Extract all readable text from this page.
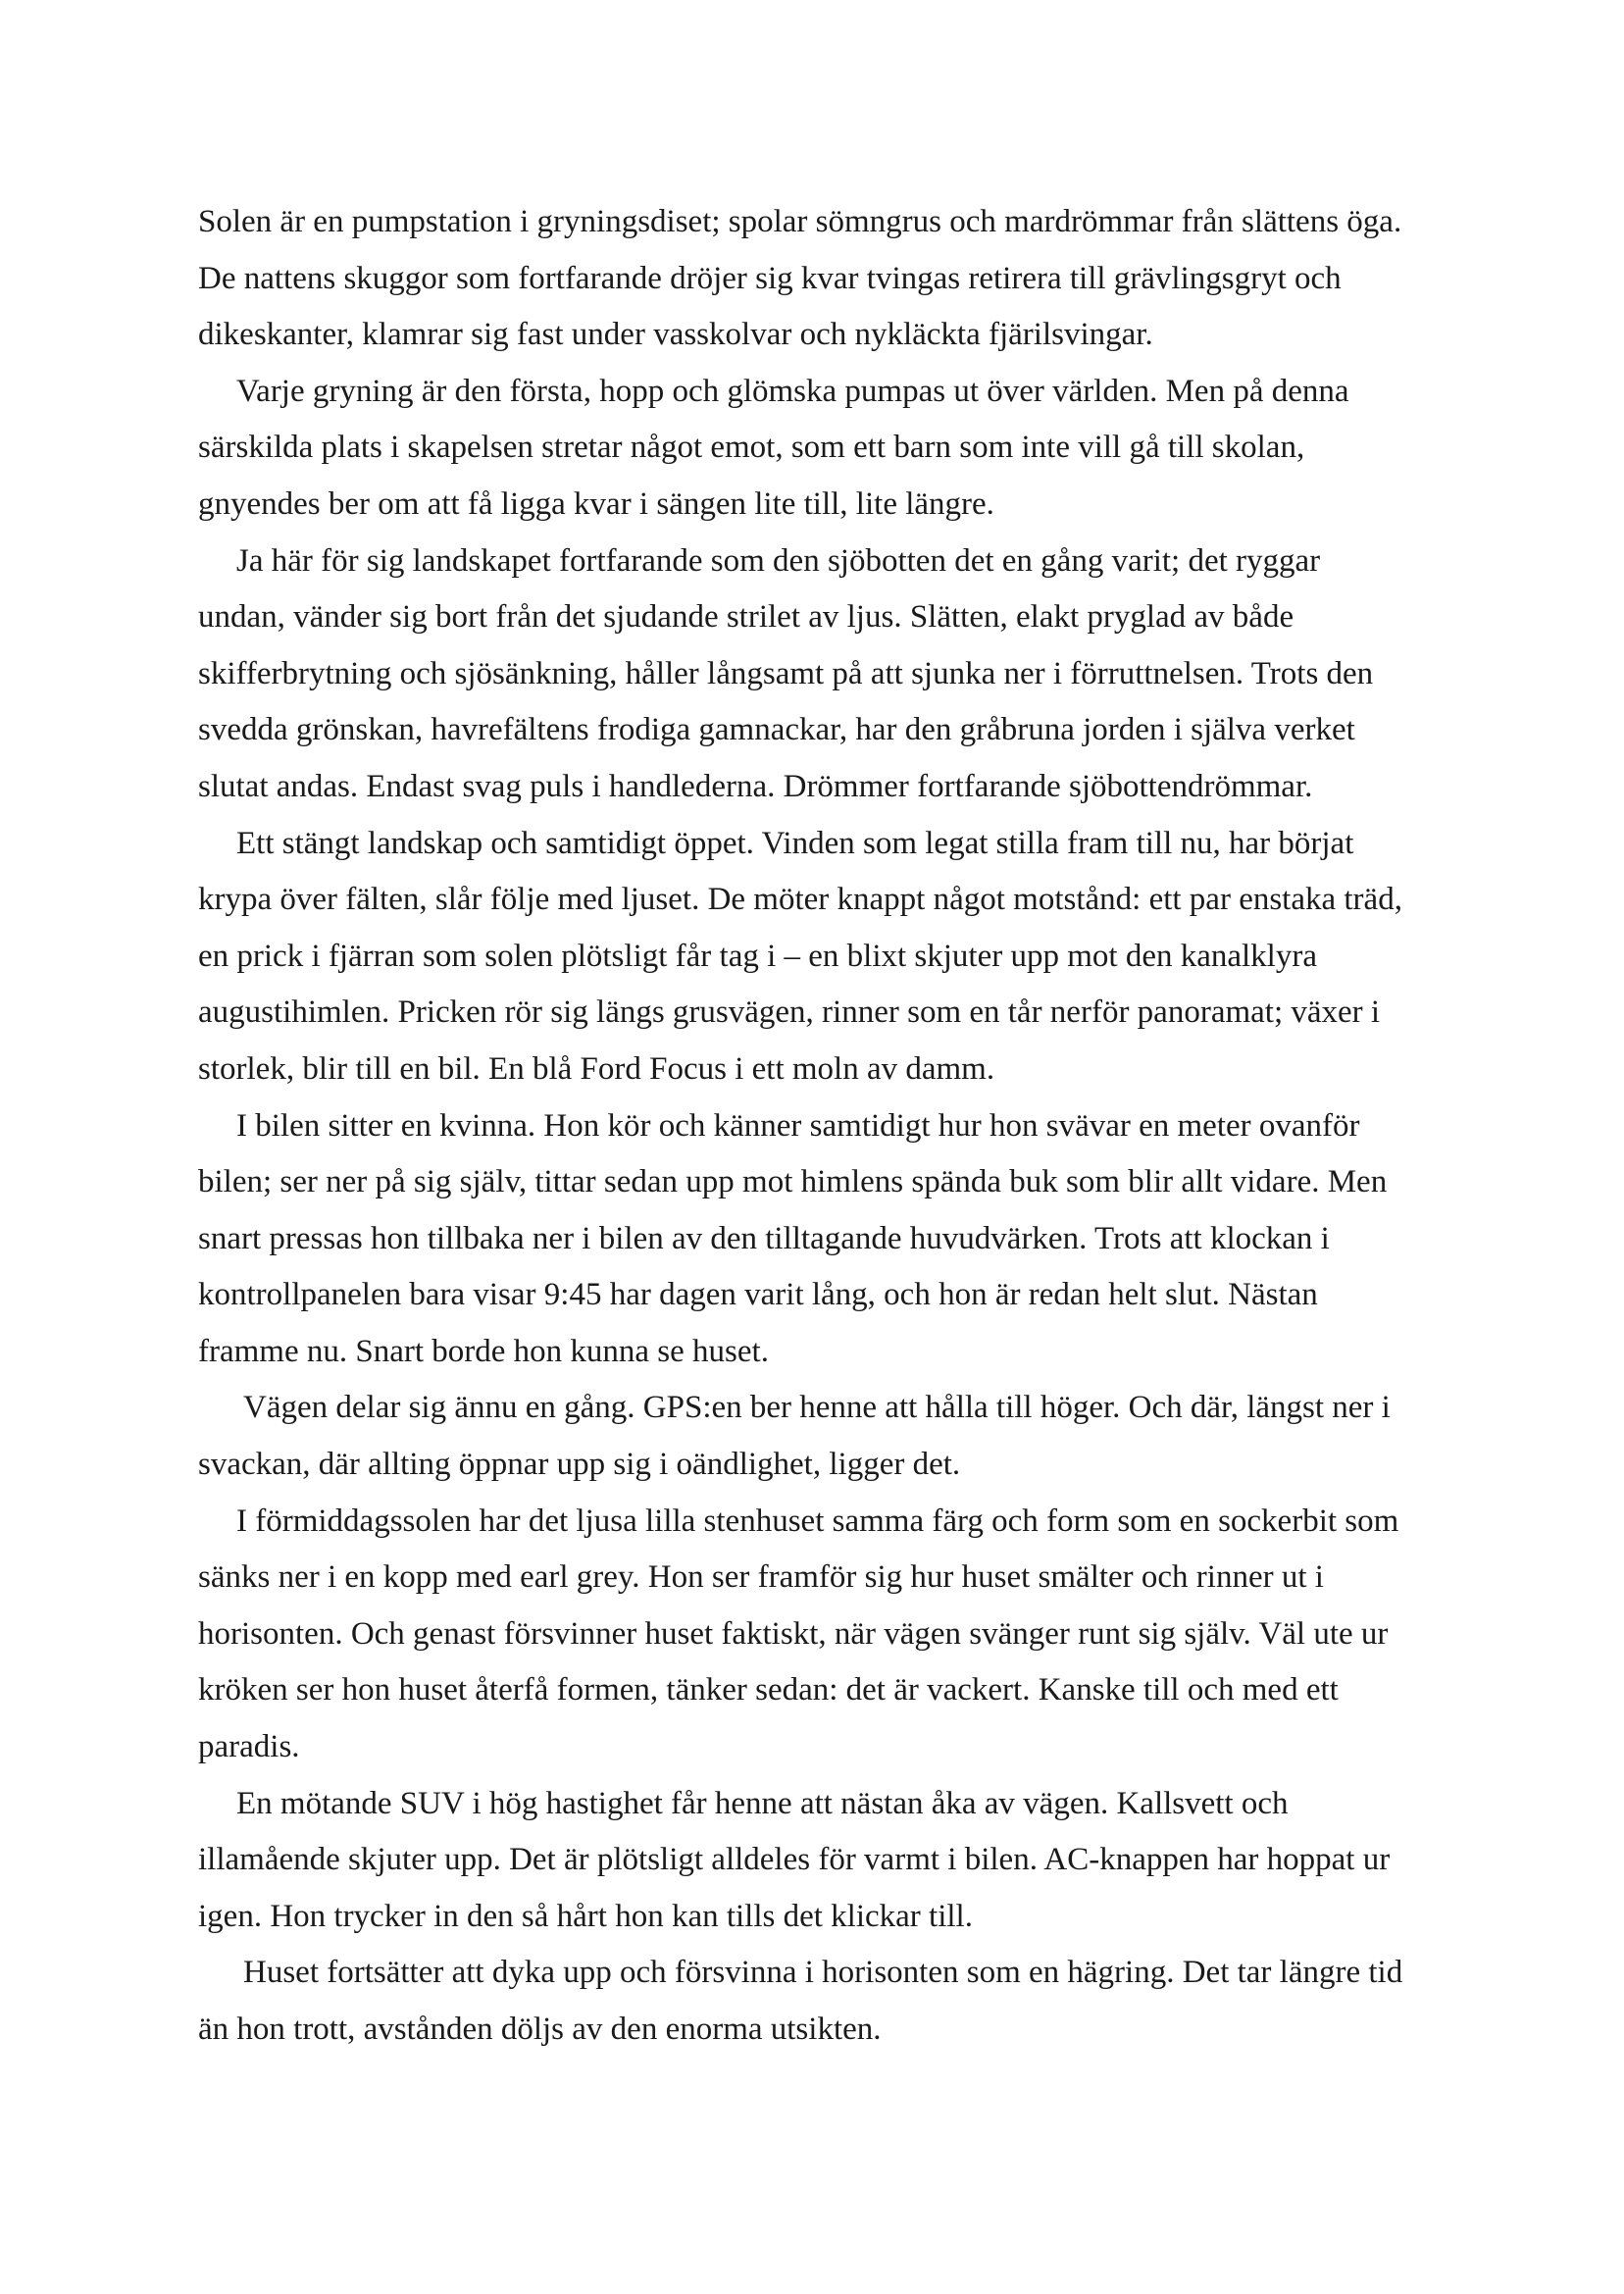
Solen är en pumpstation i gryningsdiset; spolar sömngrus och mardrömmar från slättens öga.
De nattens skuggor som fortfarande dröjer sig kvar tvingas retirera till grävlingsgryt och
dikeskanter, klamrar sig fast under vasskolvar och nykläckta fjärilsvingar.
Varje gryning är den första, hopp och glömska pumpas ut över världen. Men på denna
särskilda plats i skapelsen stretar något emot, som ett barn som inte vill gå till skolan,
gnyendes ber om att få ligga kvar i sängen lite till, lite längre.
Ja här för sig landskapet fortfarande som den sjöbotten det en gång varit; det ryggar
undan, vänder sig bort från det sjudande strilet av ljus. Slätten, elakt pryglad av både
skifferbrytning och sjösänkning, håller långsamt på att sjunka ner i förruttnelsen. Trots den
svedda grönskan, havrefältens frodiga gamnackar, har den gråbruna jorden i själva verket
slutat andas. Endast svag puls i handlederna. Drömmer fortfarande sjöbottendrömmar.
Ett stängt landskap och samtidigt öppet. Vinden som legat stilla fram till nu, har börjat
krypa över fälten, slår följe med ljuset. De möter knappt något motstånd: ett par enstaka träd,
en prick i fjärran som solen plötsligt får tag i – en blixt skjuter upp mot den kanalklyra
augustihimlen. Pricken rör sig längs grusvägen, rinner som en tår nerför panoramat; växer i
storlek, blir till en bil. En blå Ford Focus i ett moln av damm.
I bilen sitter en kvinna. Hon kör och känner samtidigt hur hon svävar en meter ovanför
bilen; ser ner på sig själv, tittar sedan upp mot himlens spända buk som blir allt vidare. Men
snart pressas hon tillbaka ner i bilen av den tilltagande huvudvärken. Trots att klockan i
kontrollpanelen bara visar 9:45 har dagen varit lång, och hon är redan helt slut. Nästan
framme nu. Snart borde hon kunna se huset.
Vägen delar sig ännu en gång. GPS:en ber henne att hålla till höger. Och där, längst ner i
svackan, där allting öppnar upp sig i oändlighet, ligger det.
I förmiddagssolen har det ljusa lilla stenhuset samma färg och form som en sockerbit som
sänks ner i en kopp med earl grey. Hon ser framför sig hur huset smälter och rinner ut i
horisonten. Och genast försvinner huset faktiskt, när vägen svänger runt sig själv. Väl ute ur
kröken ser hon huset återfå formen, tänker sedan: det är vackert. Kanske till och med ett
paradis.
En mötande SUV i hög hastighet får henne att nästan åka av vägen. Kallsvett och
illamående skjuter upp. Det är plötsligt alldeles för varmt i bilen. AC-knappen har hoppat ur
igen. Hon trycker in den så hårt hon kan tills det klickar till.
Huset fortsätter att dyka upp och försvinna i horisonten som en hägring. Det tar längre tid
än hon trott, avstånden döljs av den enorma utsikten.
